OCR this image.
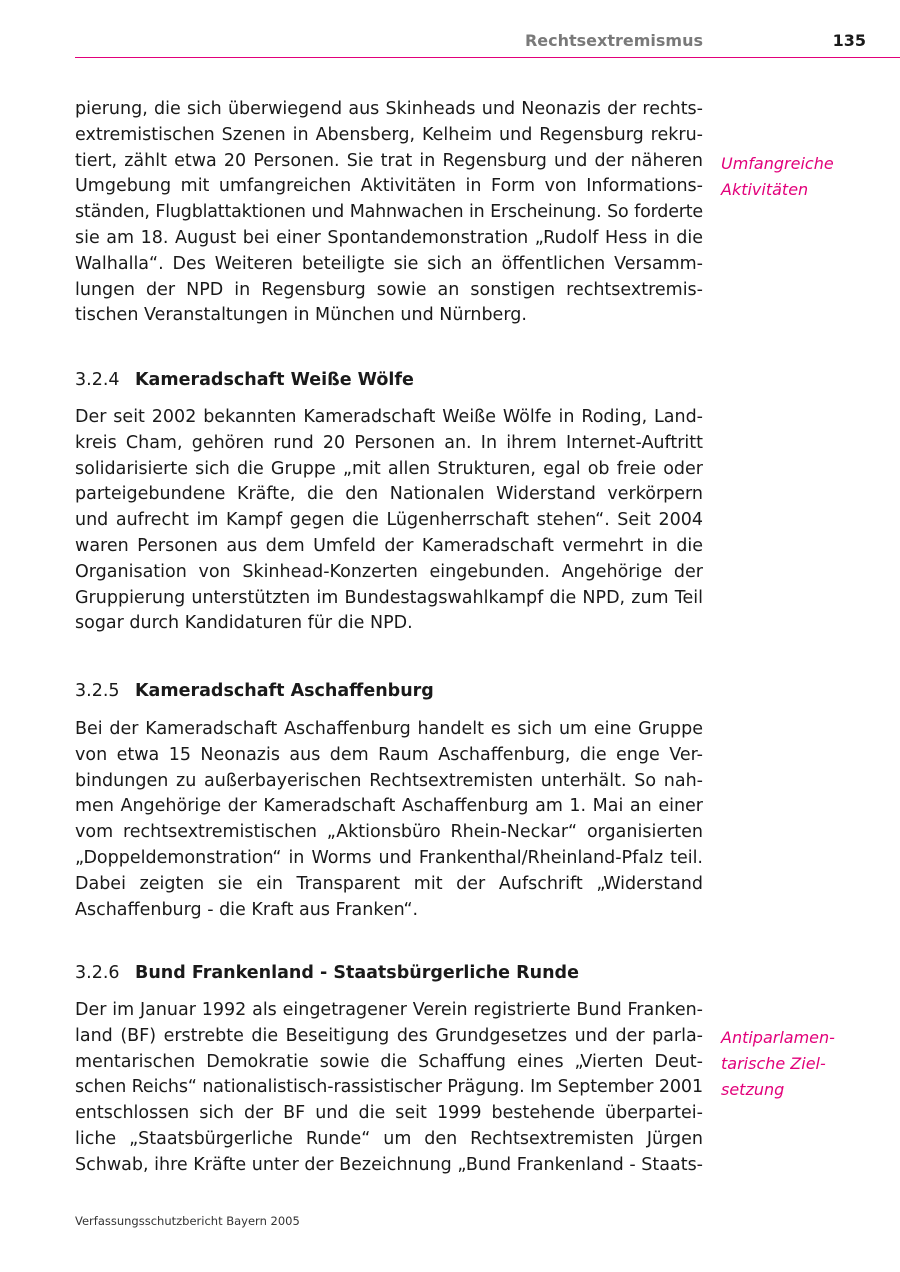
Rechtsextremismus	135
pierung, die sich überwiegend aus Skinheads und Neonazis der rechts-
extremistischen Szenen in Abensberg, Kelheim und Regensburg rekru-
tiert, zählt etwa 20 Personen. Sie trat in Regensburg und der näheren
Umgebung mit umfangreichen Aktivitäten in Form von Informations-
ständen, Flugblattaktionen und Mahnwachen in Erscheinung. So forderte
sie am 18. August bei einer Spontandemonstration „Rudolf Hess in die
Walhalla“. Des Weiteren beteiligte sie sich an öffentlichen Versamm-
lungen der NPD in Regensburg sowie an sonstigen rechtsextremis-
tischen Veranstaltungen in München und Nürnberg.
Umfangreiche
Aktivitäten
3.2.4 Kameradschaft Weiße Wölfe
Der seit 2002 bekannten Kameradschaft Weiße Wölfe in Roding, Land-
kreis Cham, gehören rund 20 Personen an. In ihrem Internet-Auftritt
solidarisierte sich die Gruppe „mit allen Strukturen, egal ob freie oder
parteigebundene Kräfte, die den Nationalen Widerstand verkörpern
und aufrecht im Kampf gegen die Lügenherrschaft stehen“. Seit 2004
waren Personen aus dem Umfeld der Kameradschaft vermehrt in die
Organisation von Skinhead-Konzerten eingebunden. Angehörige der
Gruppierung unterstützten im Bundestagswahlkampf die NPD, zum Teil
sogar durch Kandidaturen für die NPD.
3.2.5 Kameradschaft Aschaffenburg
Bei der Kameradschaft Aschaffenburg handelt es sich um eine Gruppe
von etwa 15 Neonazis aus dem Raum Aschaffenburg, die enge Ver-
bindungen zu außerbayerischen Rechtsextremisten unterhält. So nah-
men Angehörige der Kameradschaft Aschaffenburg am 1. Mai an einer
vom rechtsextremistischen „Aktionsbüro Rhein-Neckar“ organisierten
„Doppeldemonstration“ in Worms und Frankenthal/Rheinland-Pfalz teil.
Dabei zeigten sie ein Transparent mit der Aufschrift „Widerstand
Aschaffenburg - die Kraft aus Franken“.
3.2.6 Bund Frankenland - Staatsbürgerliche Runde
Der im Januar 1992 als eingetragener Verein registrierte Bund Franken-
land (BF) erstrebte die Beseitigung des Grundgesetzes und der parla-
mentarischen Demokratie sowie die Schaffung eines „Vierten Deut-
schen Reichs“ nationalistisch-rassistischer Prägung. Im September 2001
entschlossen sich der BF und die seit 1999 bestehende überpartei-
liche „Staatsbürgerliche Runde“ um den Rechtsextremisten Jürgen
Schwab, ihre Kräfte unter der Bezeichnung „Bund Frankenland - Staats-
Antiparlamen-
tarische Ziel-
setzung
Verfassungsschutzbericht Bayern 2005
